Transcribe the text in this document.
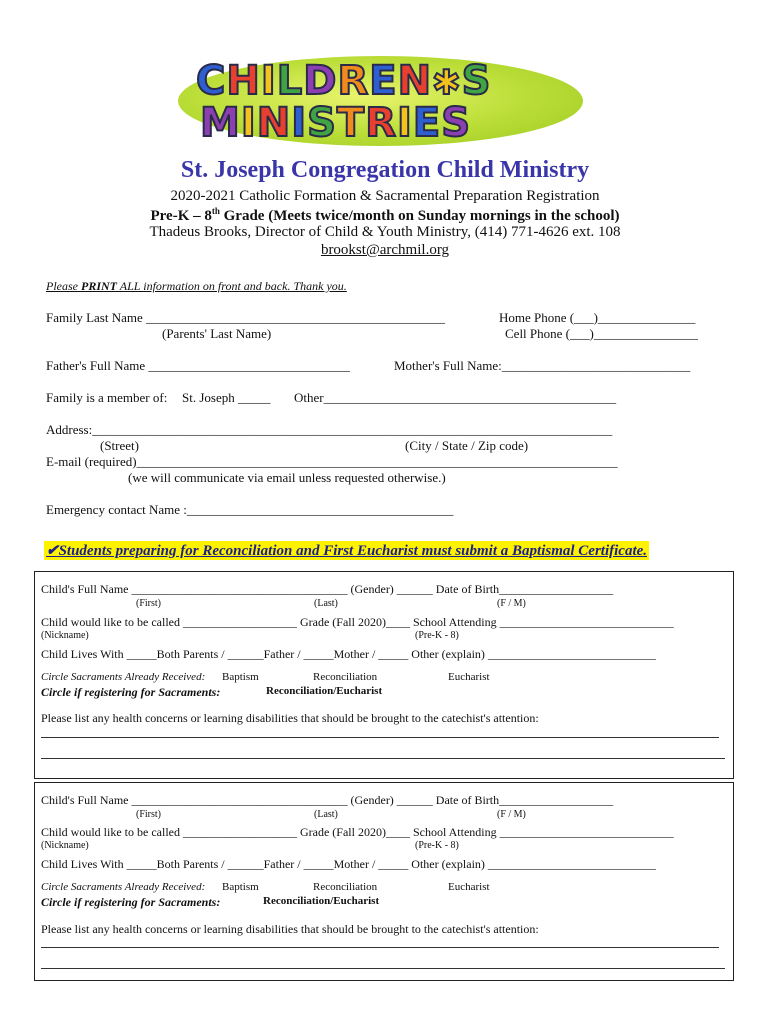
CHILDREN✱S
MINISTRIES
St. Joseph Congregation Child Ministry
2020-2021 Catholic Formation & Sacramental Preparation Registration
Pre-K – 8th Grade (Meets twice/month on Sunday mornings in the school)
Thadeus Brooks, Director of Child & Youth Ministry, (414) 771-4626 ext. 108
brookst@archmil.org
Please PRINT ALL information on front and back. Thank you.
Family Last Name ______________________________________________
(Parents' Last Name)
Home Phone (___)_______________
Cell Phone (___)________________
Father's Full Name _______________________________	Mother's Full Name:_____________________________
Family is a member of: St. Joseph _____ Other_____________________________________________
Address:________________________________________________________________________________
(Street)	(City / State / Zip code)
E-mail (required)__________________________________________________________________________
(we will communicate via email unless requested otherwise.)
Emergency contact Name :_________________________________________
✔Students preparing for Reconciliation and First Eucharist must submit a Baptismal Certificate.
Child's Full Name ____________________________________ (Gender) ______ Date of Birth___________________
(First)	(Last)	(F / M)
Child would like to be called ___________________ Grade (Fall 2020)____ School Attending _____________________________
(Nickname)	(Pre-K - 8)
Child Lives With _____Both Parents / ______Father / _____Mother / _____ Other (explain) ____________________________
Circle Sacraments Already Received: Baptism	Reconciliation	Eucharist
Circle if registering for Sacraments:	Reconciliation/Eucharist
Please list any health concerns or learning disabilities that should be brought to the catechist's attention:
Child's Full Name ____________________________________ (Gender) ______ Date of Birth___________________
(First)	(Last)	(F / M)
Child would like to be called ___________________ Grade (Fall 2020)____ School Attending _____________________________
(Nickname)	(Pre-K - 8)
Child Lives With _____Both Parents / ______Father / _____Mother / _____ Other (explain) ____________________________
Circle Sacraments Already Received: Baptism	Reconciliation	Eucharist
Circle if registering for Sacraments:	Reconciliation/Eucharist
Please list any health concerns or learning disabilities that should be brought to the catechist's attention:
